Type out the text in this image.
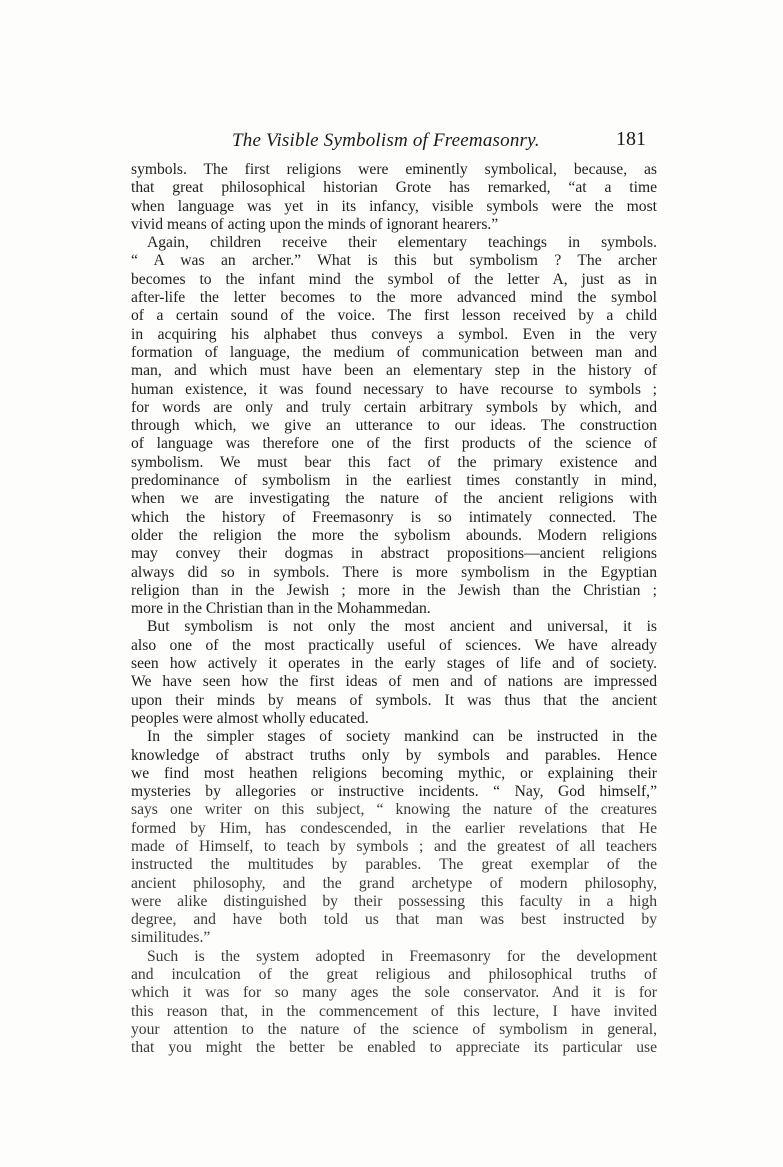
The Visible Symbolism of Freemasonry.	181
symbols. The first religions were eminently symbolical, because, as
that great philosophical historian Grote has remarked, “at a time
when language was yet in its infancy, visible symbols were the most
vivid means of acting upon the minds of ignorant hearers.”
Again, children receive their elementary teachings in symbols.
“ A was an archer.” What is this but symbolism ? The archer
becomes to the infant mind the symbol of the letter A, just as in
after-life the letter becomes to the more advanced mind the symbol
of a certain sound of the voice. The first lesson received by a child
in acquiring his alphabet thus conveys a symbol. Even in the very
formation of language, the medium of communication between man and
man, and which must have been an elementary step in the history of
human existence, it was found necessary to have recourse to symbols ;
for words are only and truly certain arbitrary symbols by which, and
through which, we give an utterance to our ideas. The construction
of language was therefore one of the first products of the science of
symbolism. We must bear this fact of the primary existence and
predominance of symbolism in the earliest times constantly in mind,
when we are investigating the nature of the ancient religions with
which the history of Freemasonry is so intimately connected. The
older the religion the more the sybolism abounds. Modern religions
may convey their dogmas in abstract propositions—ancient religions
always did so in symbols. There is more symbolism in the Egyptian
religion than in the Jewish ; more in the Jewish than the Christian ;
more in the Christian than in the Mohammedan.
But symbolism is not only the most ancient and universal, it is
also one of the most practically useful of sciences. We have already
seen how actively it operates in the early stages of life and of society.
We have seen how the first ideas of men and of nations are impressed
upon their minds by means of symbols. It was thus that the ancient
peoples were almost wholly educated.
In the simpler stages of society mankind can be instructed in the
knowledge of abstract truths only by symbols and parables. Hence
we find most heathen religions becoming mythic, or explaining their
mysteries by allegories or instructive incidents. “ Nay, God himself,”
says one writer on this subject, “ knowing the nature of the creatures
formed by Him, has condescended, in the earlier revelations that He
made of Himself, to teach by symbols ; and the greatest of all teachers
instructed the multitudes by parables. The great exemplar of the
ancient philosophy, and the grand archetype of modern philosophy,
were alike distinguished by their possessing this faculty in a high
degree, and have both told us that man was best instructed by
similitudes.”
Such is the system adopted in Freemasonry for the development
and inculcation of the great religious and philosophical truths of
which it was for so many ages the sole conservator. And it is for
this reason that, in the commencement of this lecture, I have invited
your attention to the nature of the science of symbolism in general,
that you might the better be enabled to appreciate its particular use
